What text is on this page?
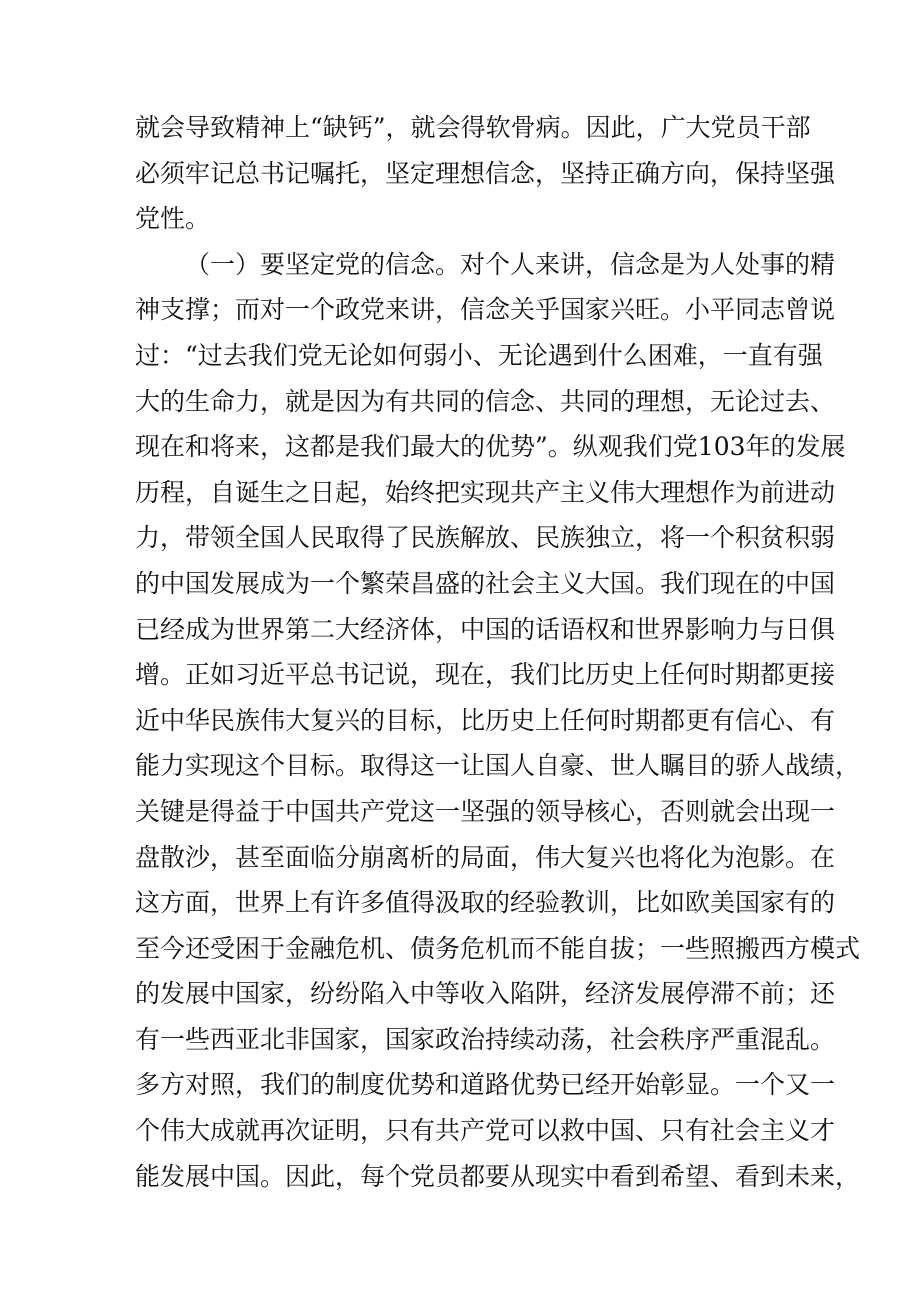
就会导致精神上“缺钙”，就会得软骨病。因此，广大党员干部
必须牢记总书记嘱托，坚定理想信念，坚持正确方向，保持坚强
党性。
（一）要坚定党的信念。对个人来讲，信念是为人处事的精
神支撑；而对一个政党来讲，信念关乎国家兴旺。小平同志曾说
过：“过去我们党无论如何弱小、无论遇到什么困难，一直有强
大的生命力，就是因为有共同的信念、共同的理想，无论过去、
现在和将来，这都是我们最大的优势”。纵观我们党103年的发展
历程，自诞生之日起，始终把实现共产主义伟大理想作为前进动
力，带领全国人民取得了民族解放、民族独立，将一个积贫积弱
的中国发展成为一个繁荣昌盛的社会主义大国。我们现在的中国
已经成为世界第二大经济体，中国的话语权和世界影响力与日俱
增。正如习近平总书记说，现在，我们比历史上任何时期都更接
近中华民族伟大复兴的目标，比历史上任何时期都更有信心、有
能力实现这个目标。取得这一让国人自豪、世人瞩目的骄人战绩，
关键是得益于中国共产党这一坚强的领导核心，否则就会出现一
盘散沙，甚至面临分崩离析的局面，伟大复兴也将化为泡影。在
这方面，世界上有许多值得汲取的经验教训，比如欧美国家有的
至今还受困于金融危机、债务危机而不能自拔；一些照搬西方模式
的发展中国家，纷纷陷入中等收入陷阱，经济发展停滞不前；还
有一些西亚北非国家，国家政治持续动荡，社会秩序严重混乱。
多方对照，我们的制度优势和道路优势已经开始彰显。一个又一
个伟大成就再次证明，只有共产党可以救中国、只有社会主义才
能发展中国。因此，每个党员都要从现实中看到希望、看到未来，
